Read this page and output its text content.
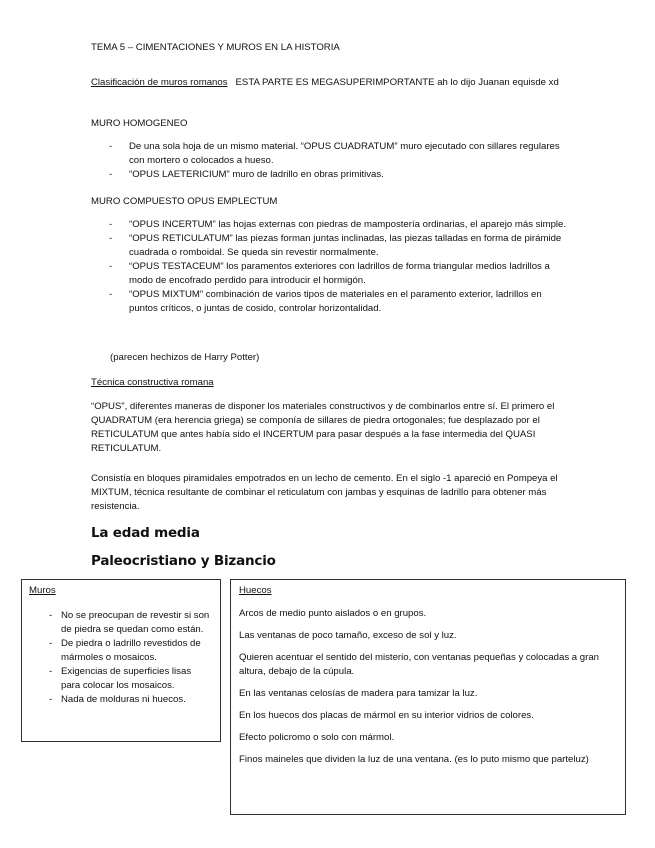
TEMA 5 – CIMENTACIONES Y MUROS EN LA HISTORIA

Clasificación de muros romanos ESTA PARTE ES MEGASUPERIMPORTANTE ah lo dijo Juanan equisde xd

MURO HOMOGENEO

- De una sola hoja de un mismo material. “OPUS CUADRATUM” muro ejecutado con sillares regulares con mortero o colocados a hueso.
- “OPUS LAETERICIUM” muro de ladrillo en obras primitivas.

MURO COMPUESTO OPUS EMPLECTUM

- “OPUS INCERTUM” las hojas externas con piedras de mampostería ordinarias, el aparejo más simple.
- “OPUS RETICULATUM” las piezas forman juntas inclinadas, las piezas talladas en forma de pirámide cuadrada o romboidal. Se queda sin revestir normalmente.
- “OPUS TESTACEUM” los paramentos exteriores con ladrillos de forma triangular medios ladrillos a modo de encofrado perdido para introducir el hormigón.
- “OPUS MIXTUM” combinación de varios tipos de materiales en el paramento exterior, ladrillos en puntos críticos, o juntas de cosido, controlar horizontalidad.

(parecen hechizos de Harry Potter)

Técnica constructiva romana

“OPUS”, diferentes maneras de disponer los materiales constructivos y de combinarlos entre sí. El primero el QUADRATUM (era herencia griega) se componía de sillares de piedra ortogonales; fue desplazado por el RETICULATUM que antes había sido el INCERTUM para pasar después a la fase intermedia del QUASI RETICULATUM.

Consistía en bloques piramidales empotrados en un lecho de cemento. En el siglo -1 apareció en Pompeya el MIXTUM, técnica resultante de combinar el reticulatum con jambas y esquinas de ladrillo para obtener más resistencia.

La edad media

Paleocristiano y Bizancio

Muros

- No se preocupan de revestir si son de piedra se quedan como están.
- De piedra o ladrillo revestidos de mármoles o mosaicos.
- Exigencias de superficies lisas para colocar los mosaicos.
- Nada de molduras ni huecos.

Huecos

Arcos de medio punto aislados o en grupos.

Las ventanas de poco tamaño, exceso de sol y luz.

Quieren acentuar el sentido del misterio, con ventanas pequeñas y colocadas a gran altura, debajo de la cúpula.

En las ventanas celosías de madera para tamizar la luz.

En los huecos dos placas de mármol en su interior vidrios de colores.

Efecto policromo o solo con mármol.

Finos maineles que dividen la luz de una ventana. (es lo puto mismo que parteluz)
